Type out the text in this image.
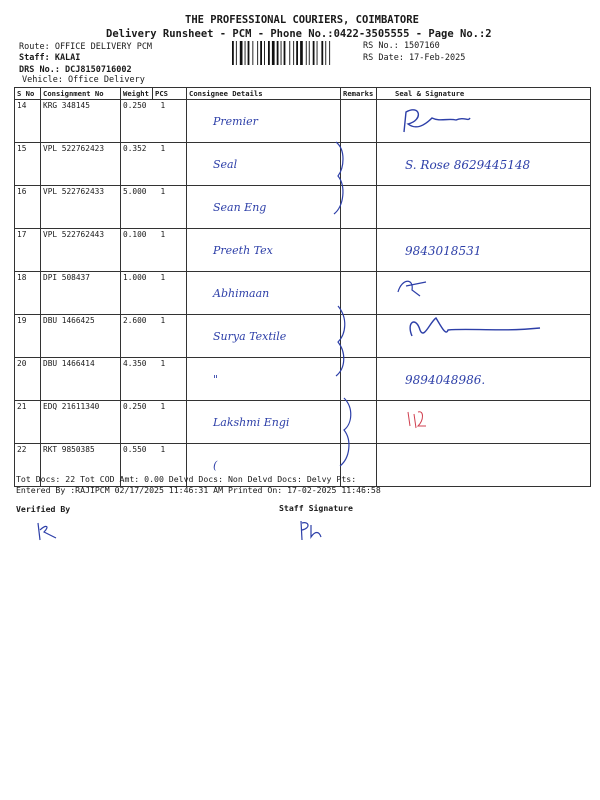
THE PROFESSIONAL COURIERS, COIMBATORE
Delivery Runsheet - PCM - Phone No.:0422-3505555 - Page No.:2
Route: OFFICE DELIVERY PCM
Staff: KALAI
DRS No.: DCJ8150716002
Vehicle: Office Delivery
RS No.: 1507160
RS Date: 17-Feb-2025
S No	Consignment No	Weight	PCS	Consignee Details	Remarks	Seal & Signature
14	KRG 348145	0.250	1	Premier		

15	VPL 522762423	0.352	1	Seal		S. Rose 8629445148

16	VPL 522762433	5.000	1	Sean Eng		

17	VPL 522762443	0.100	1	Preeth Tex		9843018531

18	DPI 508437	1.000	1	Abhimaan		

19	DBU 1466425	2.600	1	Surya Textile		

20	DBU 1466414	4.350	1	"		9894048986.

21	EDQ 21611340	0.250	1	Lakshmi Engi		

22	RKT 9850385	0.550	1	(		

Tot Docs: 22 Tot COD Amt: 0.00 Delvd Docs: Non Delvd Docs: Delvy Pts:
Entered By :RAJIPCM 02/17/2025 11:46:31 AM Printed On: 17-02-2025 11:46:58
Verified By	Staff Signature
